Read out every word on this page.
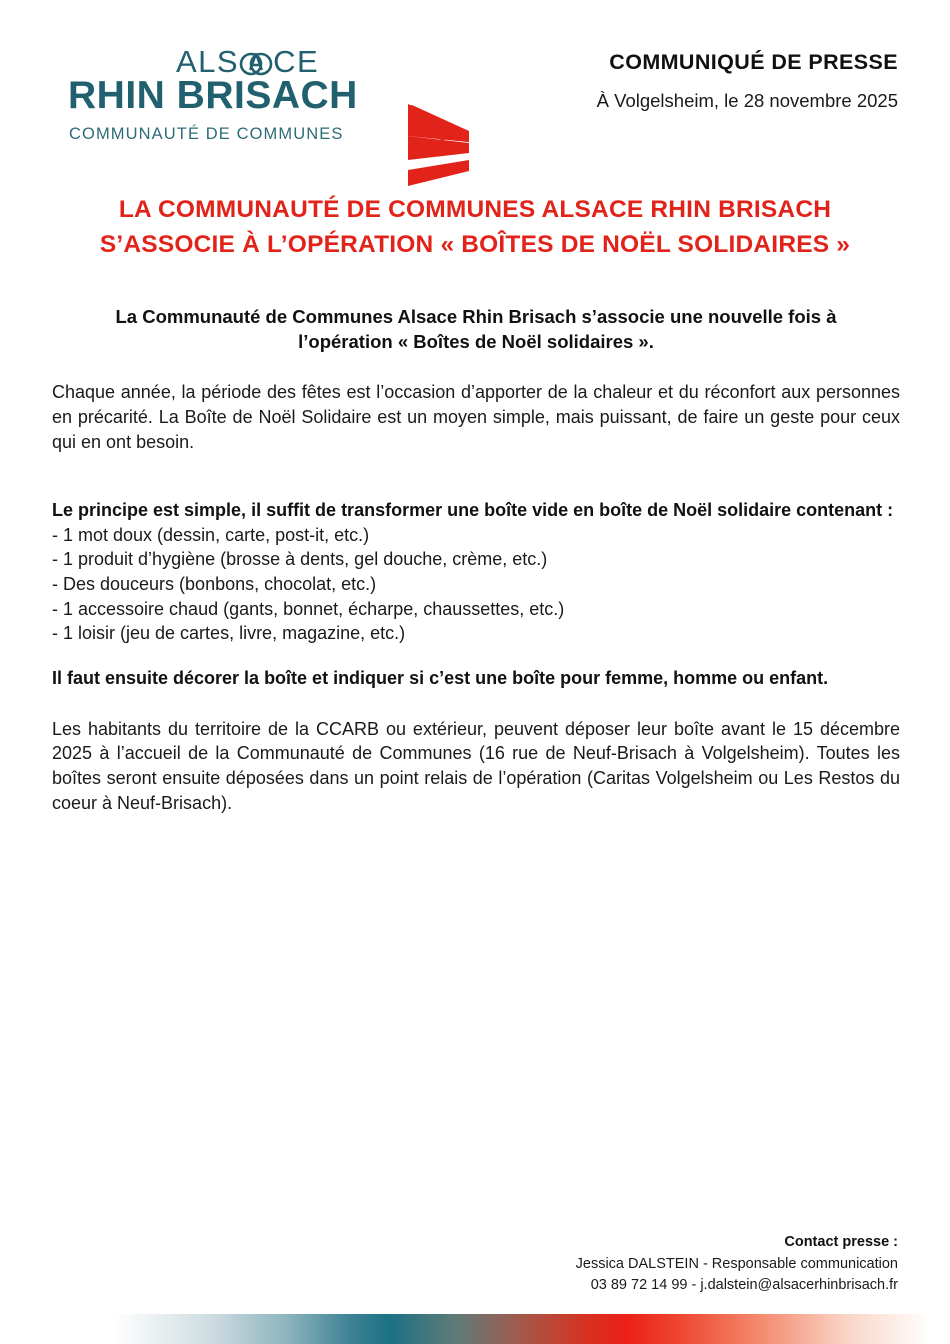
ALS CE
RHIN BRISACH
COMMUNAUTÉ DE COMMUNES
COMMUNIQUÉ DE PRESSE
À Volgelsheim, le 28 novembre 2025
LA COMMUNAUTÉ DE COMMUNES ALSACE RHIN BRISACH
S’ASSOCIE À L’OPÉRATION « BOÎTES DE NOËL SOLIDAIRES »

La Communauté de Communes Alsace Rhin Brisach s’associe une nouvelle fois à l’opération « Boîtes de Noël solidaires ».

Chaque année, la période des fêtes est l’occasion d’apporter de la chaleur et du réconfort aux personnes en précarité. La Boîte de Noël Solidaire est un moyen simple, mais puissant, de faire un geste pour ceux qui en ont besoin.

Le principe est simple, il suffit de transformer une boîte vide en boîte de Noël solidaire contenant :
- 1 mot doux (dessin, carte, post-it, etc.)
- 1 produit d’hygiène (brosse à dents, gel douche, crème, etc.)
- Des douceurs (bonbons, chocolat, etc.)
- 1 accessoire chaud (gants, bonnet, écharpe, chaussettes, etc.)
- 1 loisir (jeu de cartes, livre, magazine, etc.)
Il faut ensuite décorer la boîte et indiquer si c’est une boîte pour femme, homme ou enfant.

Les habitants du territoire de la CCARB ou extérieur, peuvent déposer leur boîte avant le 15 décembre 2025 à l’accueil de la Communauté de Communes (16 rue de Neuf-Brisach à Volgelsheim). Toutes les boîtes seront ensuite déposées dans un point relais de l’opération (Caritas Volgelsheim ou Les Restos du coeur à Neuf-Brisach).

Contact presse :
Jessica DALSTEIN - Responsable communication
03 89 72 14 99 - j.dalstein@alsacerhinbrisach.fr
